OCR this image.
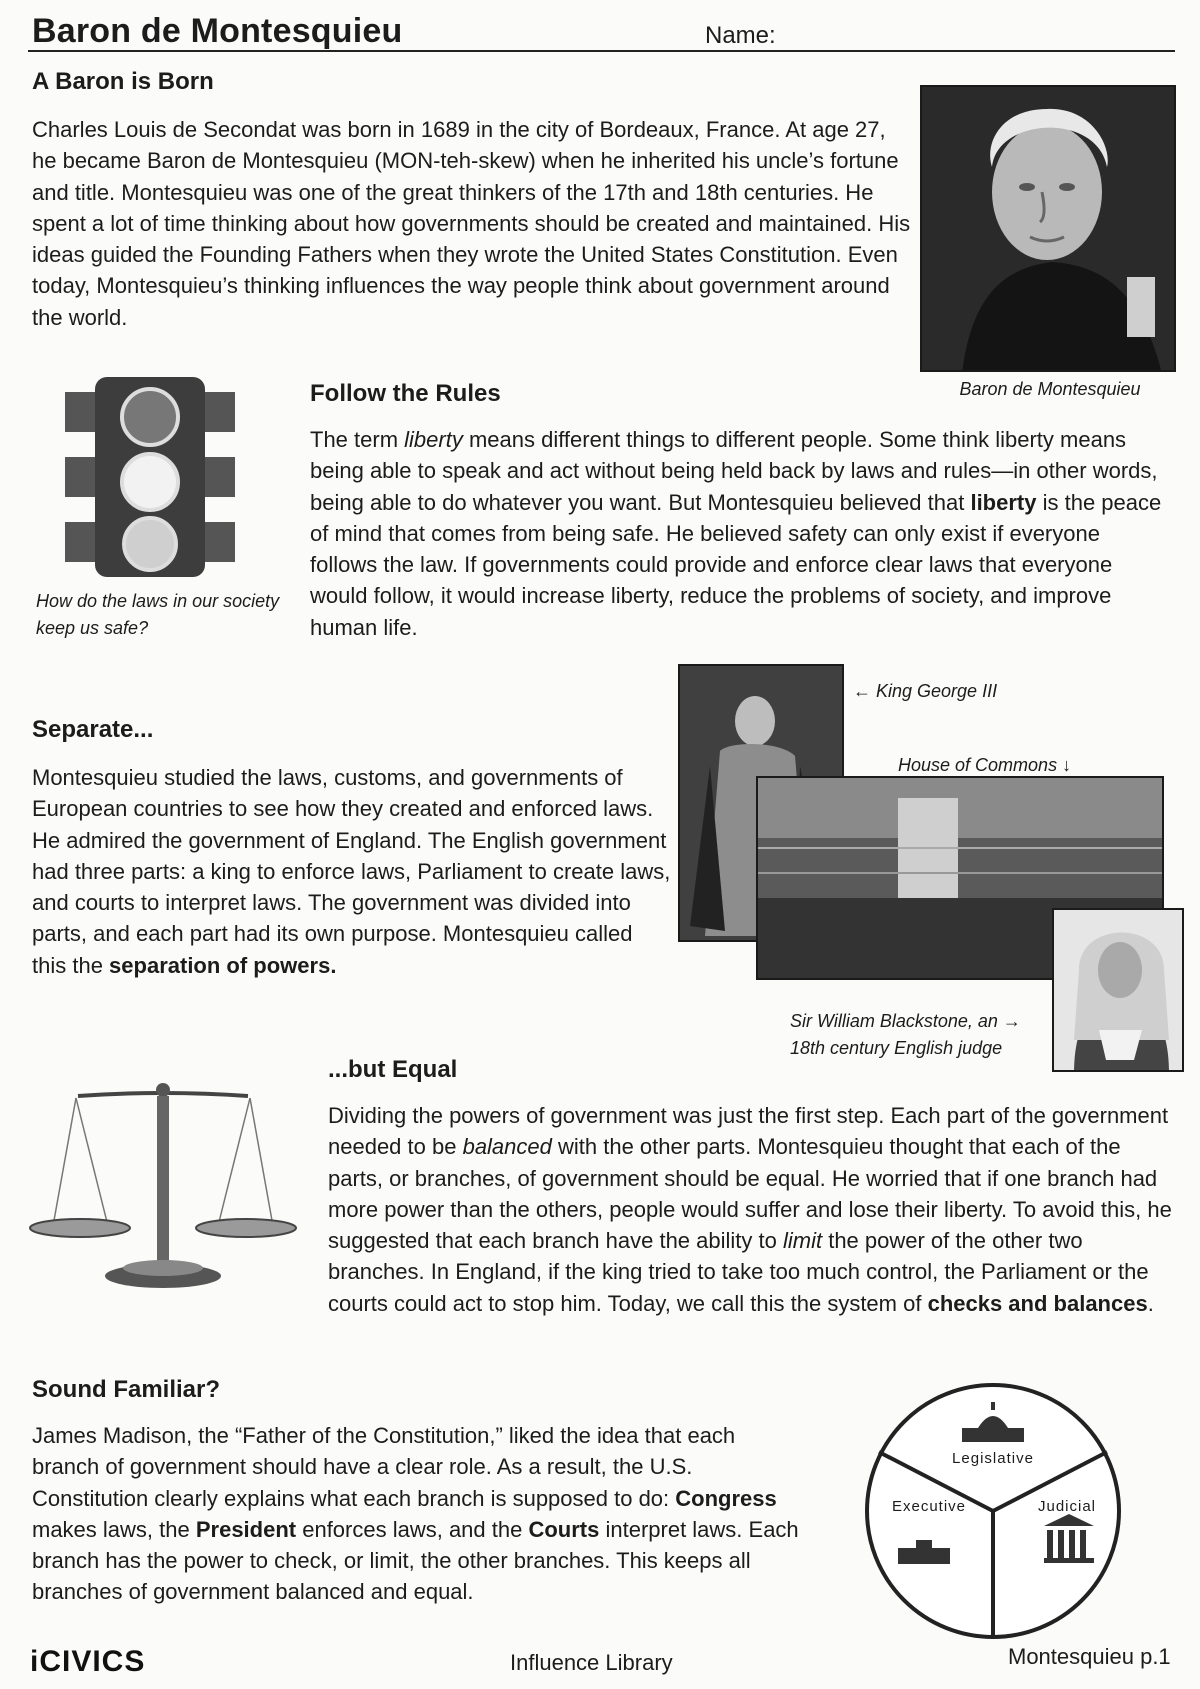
Baron de Montesquieu	Name:
A Baron is Born

Charles Louis de Secondat was born in 1689 in the city of Bordeaux, France. At age 27, he became Baron de Montesquieu (MON-teh-skew) when he inherited his uncle’s fortune and title. Montesquieu was one of the great thinkers of the 17th and 18th centuries. He spent a lot of time thinking about how governments should be created and maintained. His ideas guided the Founding Fathers when they wrote the United States Constitution. Even today, Montesquieu’s thinking influences the way people think about government around the world.

Baron de Montesquieu
How do the laws in our society keep us safe?
Follow the Rules

The term liberty means different things to different people. Some think liberty means being able to speak and act without being held back by laws and rules—in other words, being able to do whatever you want. But Montesquieu believed that liberty is the peace of mind that comes from being safe. He believed safety can only exist if everyone follows the law. If governments could provide and enforce clear laws that everyone would follow, it would increase liberty, reduce the problems of society, and improve human life.

Separate...

Montesquieu studied the laws, customs, and governments of European countries to see how they created and enforced laws. He admired the government of England. The English government had three parts: a king to enforce laws, Parliament to create laws, and courts to interpret laws. The government was divided into parts, and each part had its own purpose. Montesquieu called this the separation of powers.

← King George III
House of Commons ↓
Sir William Blackstone, an →
18th century English judge
...but Equal

Dividing the powers of government was just the first step. Each part of the government needed to be balanced with the other parts. Montesquieu thought that each of the parts, or branches, of government should be equal. He worried that if one branch had more power than the others, people would suffer and lose their liberty. To avoid this, he suggested that each branch have the ability to limit the power of the other two branches. In England, if the king tried to take too much control, the Parliament or the courts could act to stop him. Today, we call this the system of checks and balances.

Sound Familiar?

James Madison, the “Father of the Constitution,” liked the idea that each branch of government should have a clear role. As a result, the U.S. Constitution clearly explains what each branch is supposed to do: Congress makes laws, the President enforces laws, and the Courts interpret laws. Each branch has the power to check, or limit, the other branches. This keeps all branches of government balanced and equal.

Legislative
Executive	Judicial
iCIVICS	Influence Library	Montesquieu p.1
